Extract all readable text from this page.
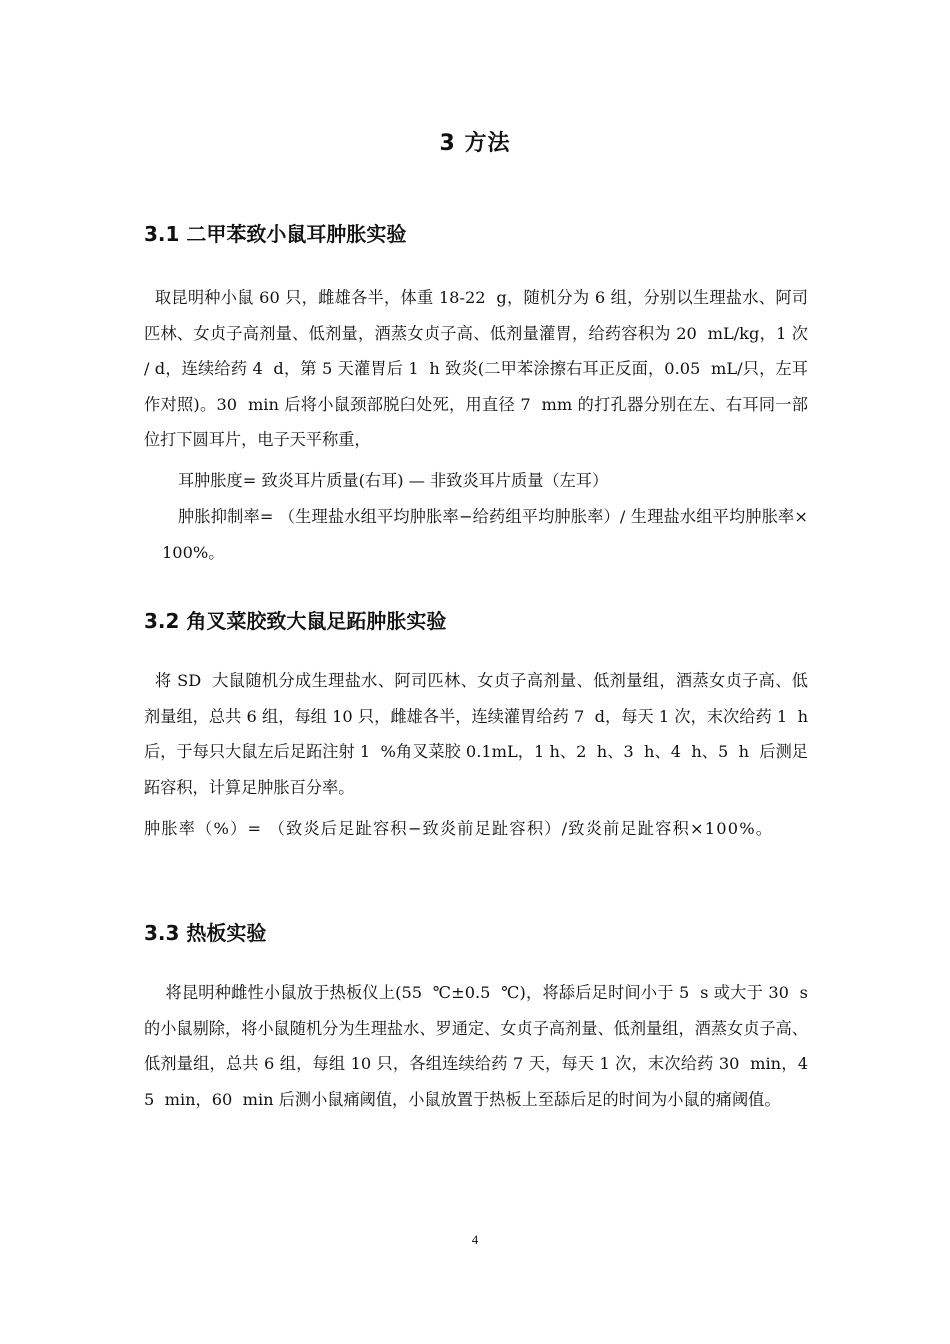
3 方法
3.1 二甲苯致小鼠耳肿胀实验

取昆明种小鼠 60 只，雌雄各半，体重 18-22  g，随机分为 6 组，分别以生理盐水、阿司匹林、女贞子高剂量、低剂量，酒蒸女贞子高、低剂量灌胃，给药容积为 20  mL/kg，1 次 / d，连续给药 4  d，第 5 天灌胃后 1  h 致炎(二甲苯涂擦右耳正反面，0.05  mL/只，左耳作对照)。30  min 后将小鼠颈部脱臼处死，用直径 7  mm 的打孔器分别在左、右耳同一部位打下圆耳片，电子天平称重，

耳肿胀度= 致炎耳片质量(右耳) — 非致炎耳片质量（左耳）

肿胀抑制率= （生理盐水组平均肿胀率−给药组平均肿胀率）/ 生理盐水组平均肿胀率×100%。

3.2 角叉菜胶致大鼠足跖肿胀实验

将 SD  大鼠随机分成生理盐水、阿司匹林、女贞子高剂量、低剂量组，酒蒸女贞子高、低剂量组，总共 6 组，每组 10 只，雌雄各半，连续灌胃给药 7  d，每天 1 次，末次给药 1  h  后，于每只大鼠左后足跖注射 1  %角叉菜胶 0.1mL，1 h、2  h、3  h、4  h、5  h  后测足跖容积，计算足肿胀百分率。

肿胀率（%）= （致炎后足趾容积−致炎前足趾容积）/致炎前足趾容积×100%。

3.3 热板实验

将昆明种雌性小鼠放于热板仪上(55  ℃±0.5  ℃)，将舔后足时间小于 5  s 或大于 30  s 的小鼠剔除，将小鼠随机分为生理盐水、罗通定、女贞子高剂量、低剂量组，酒蒸女贞子高、低剂量组，总共 6 组，每组 10 只，各组连续给药 7 天，每天 1 次，末次给药 30  min，45  min，60  min 后测小鼠痛阈值，小鼠放置于热板上至舔后足的时间为小鼠的痛阈值。

4
